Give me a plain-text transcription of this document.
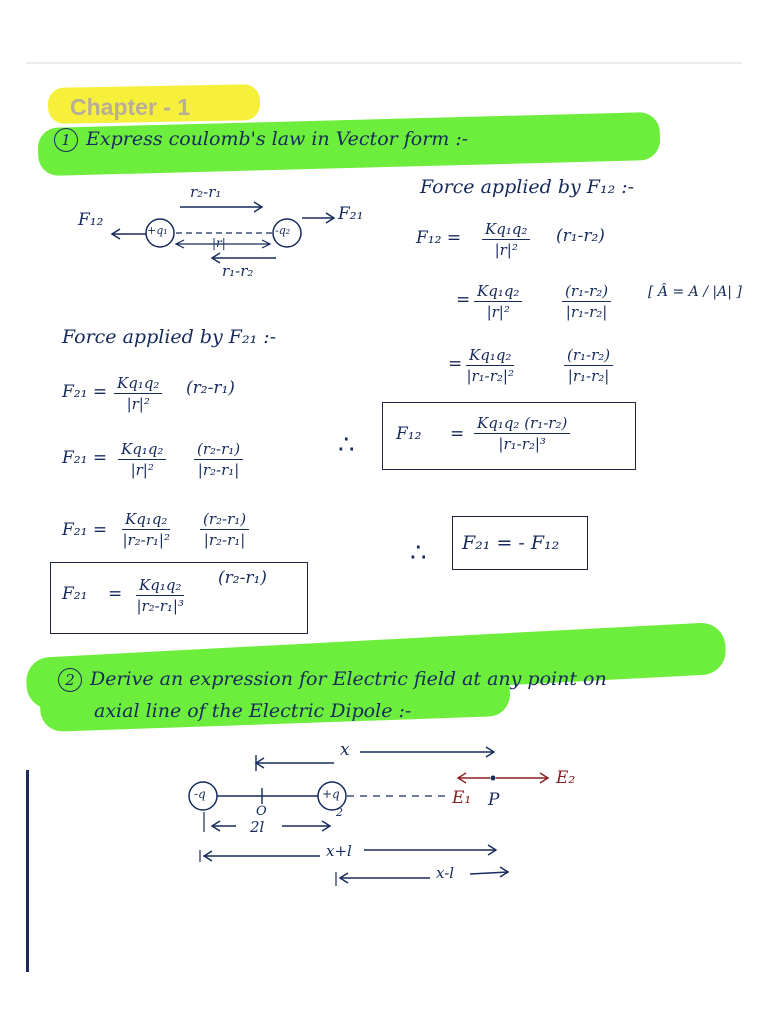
Chapter - 1
1 Express coulomb's law in Vector form :-
F₁₂
+q₁	-q₂
F₂₁
r₂-r₁
|r|
r₁-r₂
Force applied by F₁₂ :-
$F_{12} = \frac{\text{Kq₁q₂}}{\text{|r|²}} (r_1-r_2)$
= $\frac{\text{Kq₁q₂}}{\text{|r|²}}$	$\frac{\text{(r₁-r₂)}}{\text{|r₁-r₂|}}$	[ Â = A / |A| ]
= $\frac{\text{Kq₁q₂}}{\text{|r₁-r₂|²}}$	$\frac{\text{(r₁-r₂)}}{\text{|r₁-r₂|}}$
∴ $F_{12} = \frac{\text{Kq₁q₂ (r₁-r₂)}}{\text{|r₁-r₂|³}}$
Force applied by F₂₁ :-
$F_{21} = \frac{\text{Kq₁q₂}}{\text{|r|²}} (r_2-r_1)$
$F_{21} = \frac{\text{Kq₁q₂}}{\text{|r|²}} \frac{\text{(r₂-r₁)}}{\text{|r₂-r₁|}}$
$F_{21} = \frac{\text{Kq₁q₂}}{\text{|r₂-r₁|²}} \frac{\text{(r₂-r₁)}}{\text{|r₂-r₁|}}$
$F_{21} = \frac{\text{Kq₁q₂}}{\text{|r₂-r₁|³}} (r_2-r_1)$
∴ F₂₁ = - F₁₂
2 Derive an expression for Electric field at any point on
axial line of the Electric Dipole :-
x
-q	+q
O
E₁ P
E₂
2l
2
x+l
x-l
